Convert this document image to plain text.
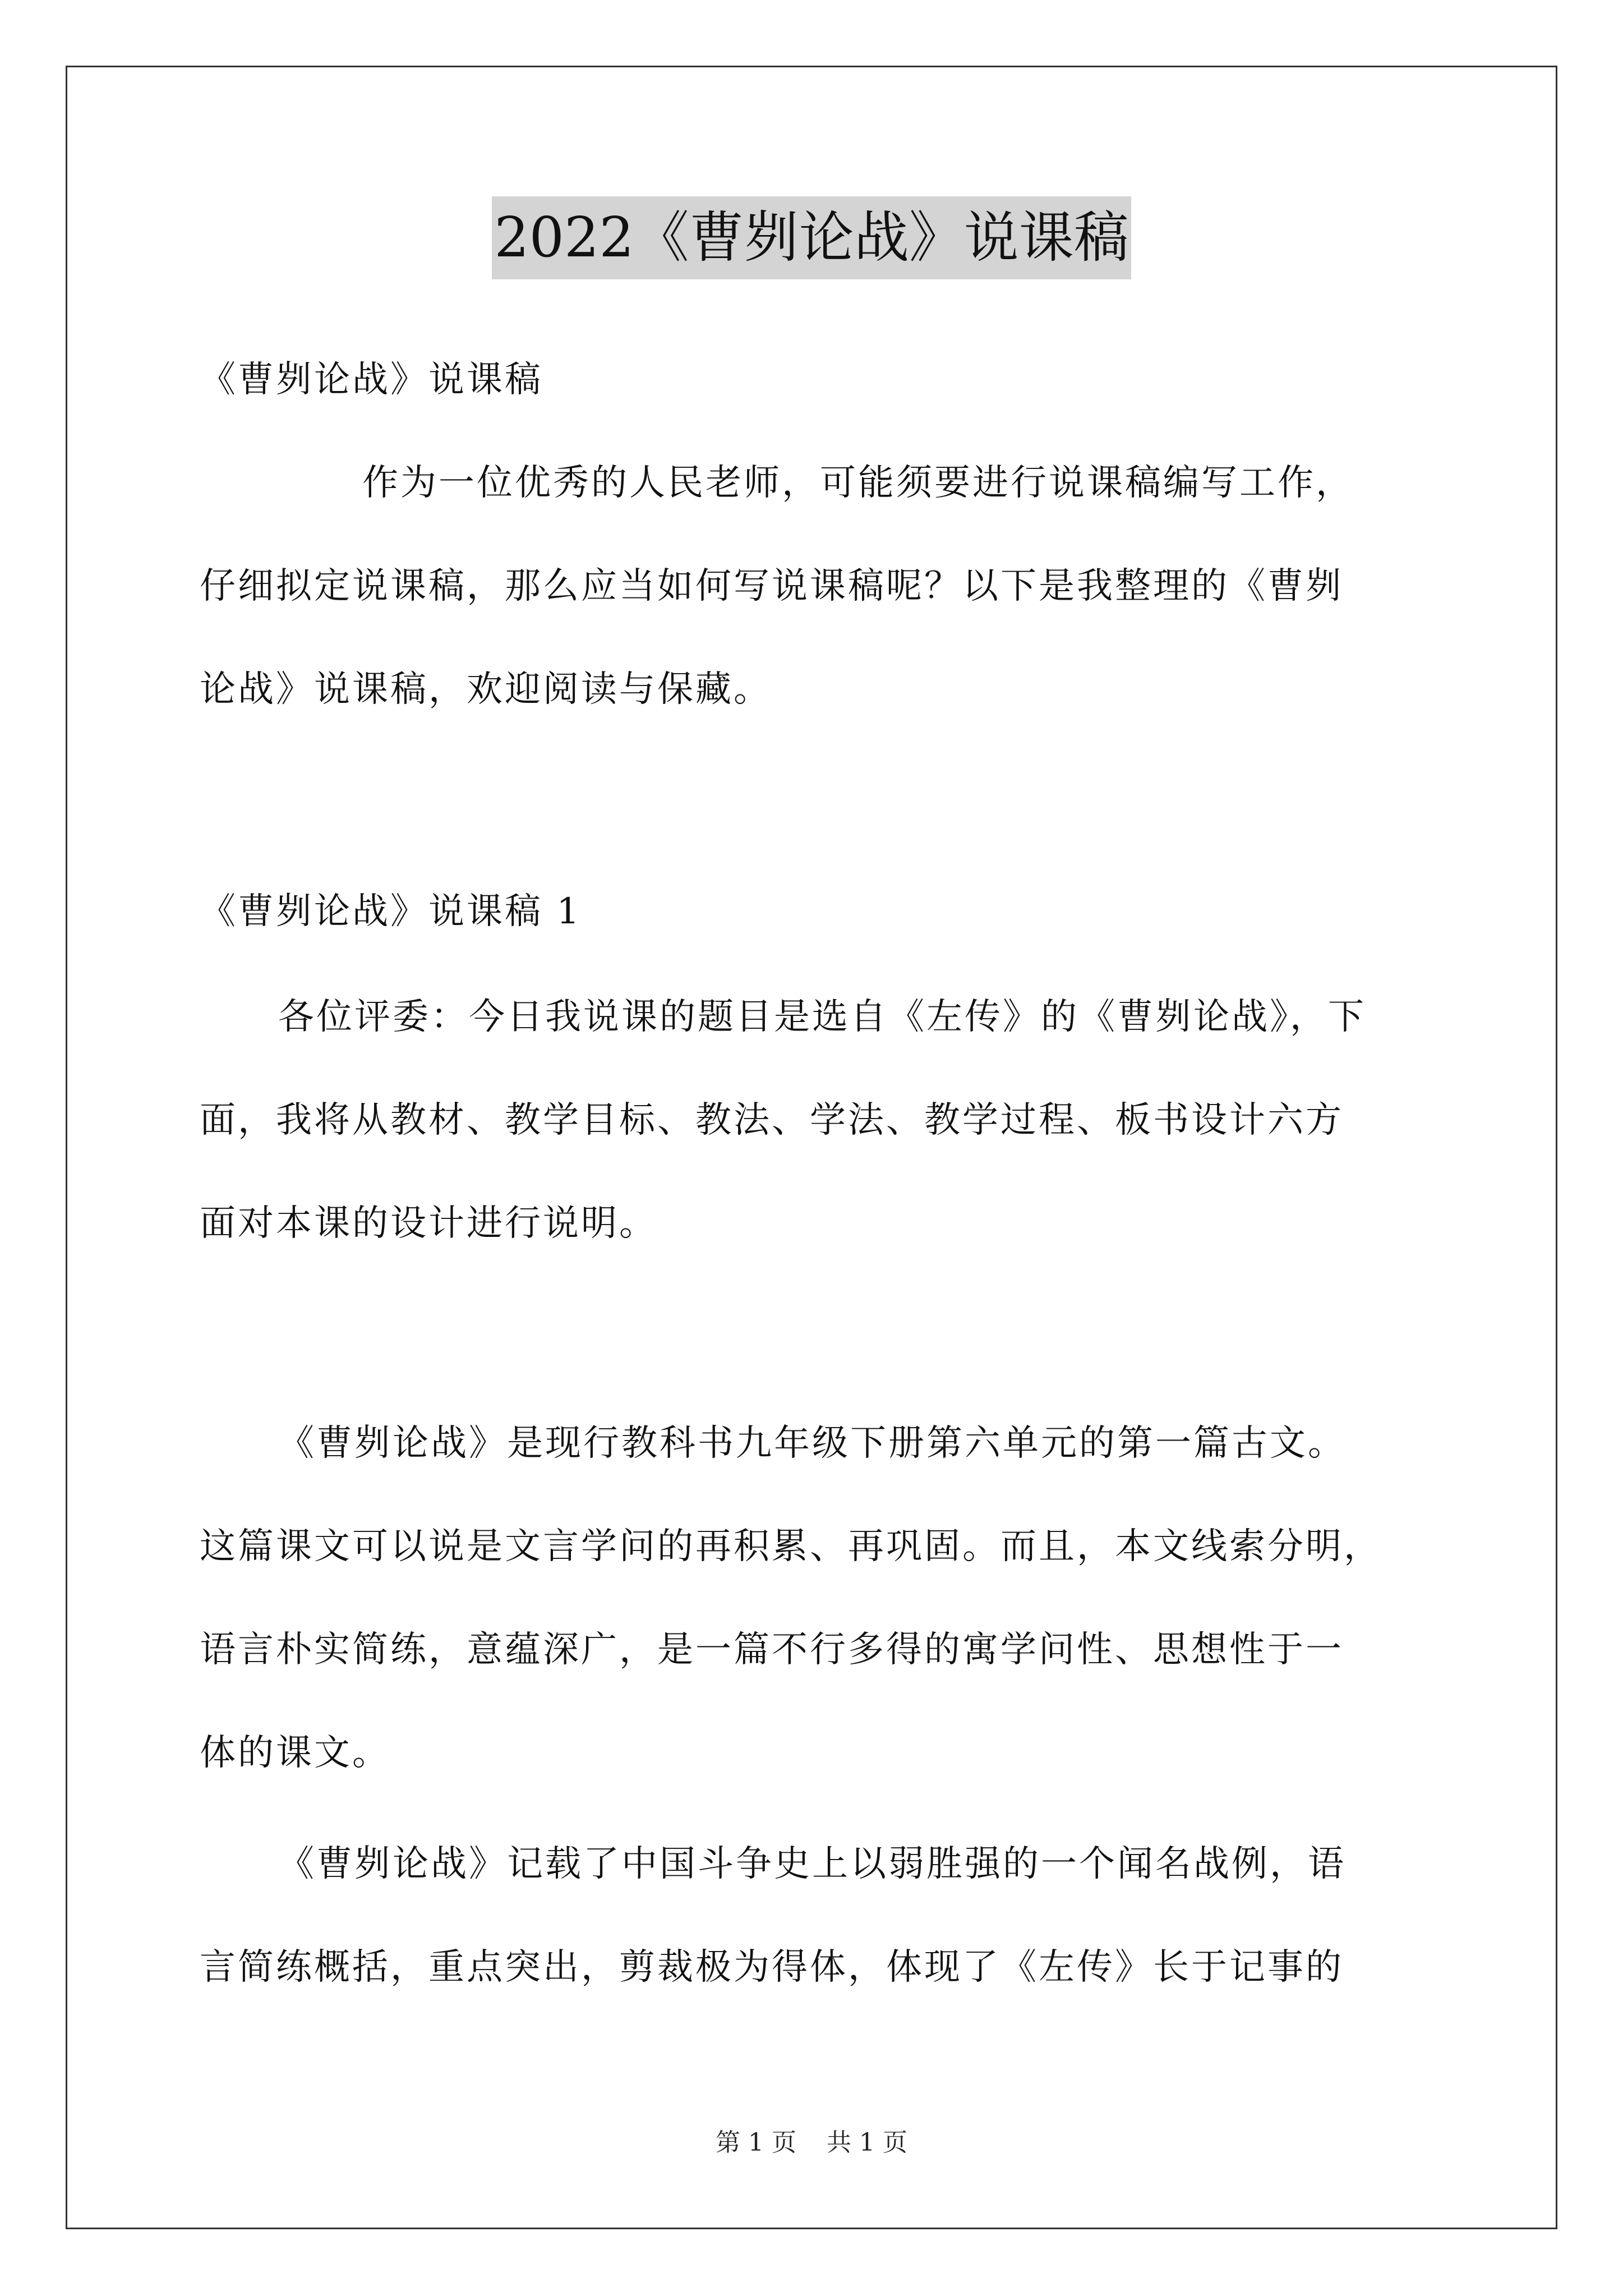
2022《曹刿论战》说课稿
《曹刿论战》说课稿
作为一位优秀的人民老师，可能须要进行说课稿编写工作，
仔细拟定说课稿，那么应当如何写说课稿呢？以下是我整理的《曹刿
论战》说课稿，欢迎阅读与保藏。
《曹刿论战》说课稿 1
各位评委：今日我说课的题目是选自《左传》的《曹刿论战》，下
面，我将从教材、教学目标、教法、学法、教学过程、板书设计六方
面对本课的设计进行说明。
《曹刿论战》是现行教科书九年级下册第六单元的第一篇古文。
这篇课文可以说是文言学问的再积累、再巩固。而且，本文线索分明，
语言朴实简练，意蕴深广，是一篇不行多得的寓学问性、思想性于一
体的课文。
《曹刿论战》记载了中国斗争史上以弱胜强的一个闻名战例，语
言简练概括，重点突出，剪裁极为得体，体现了《左传》长于记事的
第 1 页 共 1 页
